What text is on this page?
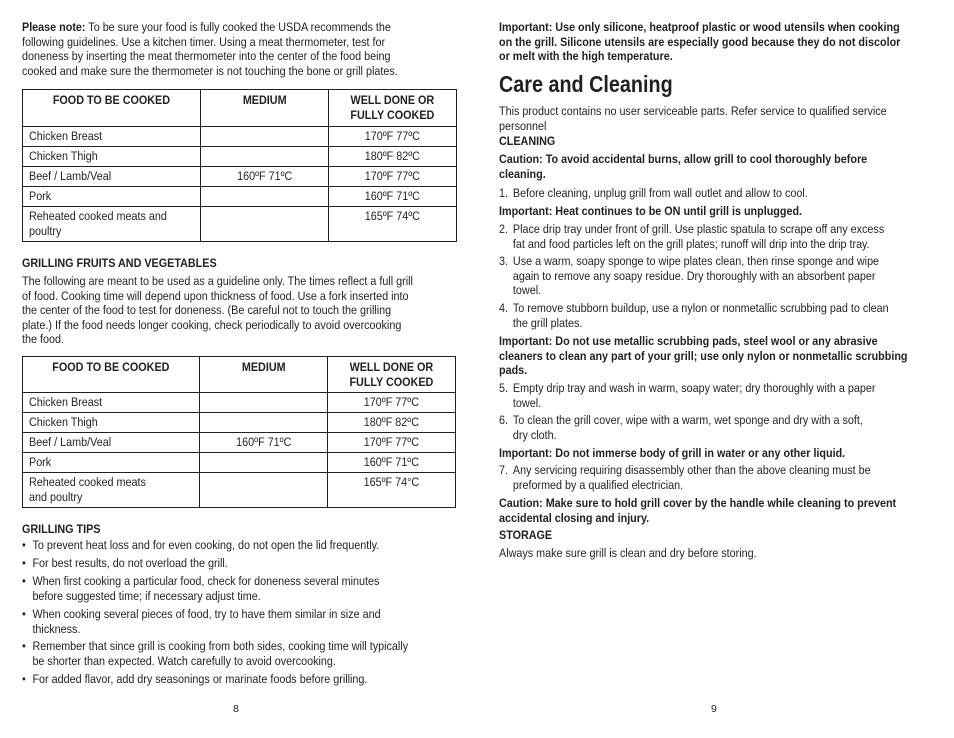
Please note: To be sure your food is fully cooked the USDA recommends the
following guidelines. Use a kitchen timer. Using a meat thermometer, test for
doneness by inserting the meat thermometer into the center of the food being
cooked and make sure the thermometer is not touching the bone or grill plates.
FOOD TO BE COOKED	MEDIUM	WELL DONE OR
FULLY COOKED

Chicken Breast		170ºF 77ºC

Chicken Thigh		180ºF 82ºC

Beef / Lamb/Veal	160ºF 71ºC	170ºF 77ºC

Pork		160ºF 71ºC

Reheated cooked meats and
poultry		165ºF 74ºC
GRILLING FRUITS AND VEGETABLES
The following are meant to be used as a guideline only. The times reflect a full grill
of food. Cooking time will depend upon thickness of food. Use a fork inserted into
the center of the food to test for doneness. (Be careful not to touch the grilling
plate.) If the food needs longer cooking, check periodically to avoid overcooking
the food.
FOOD TO BE COOKED	MEDIUM	WELL DONE OR
FULLY COOKED

Chicken Breast		170ºF 77ºC

Chicken Thigh		180ºF 82ºC

Beef / Lamb/Veal	160ºF 71ºC	170ºF 77ºC

Pork		160ºF 71ºC

Reheated cooked meats
and poultry		165ºF 74°C
GRILLING TIPS
• To prevent heat loss and for even cooking, do not open the lid frequently.
• For best results, do not overload the grill.
• When first cooking a particular food, check for doneness several minutes
before suggested time; if necessary adjust time.
• When cooking several pieces of food, try to have them similar in size and
thickness.
• Remember that since grill is cooking from both sides, cooking time will typically
be shorter than expected. Watch carefully to avoid overcooking.
• For added flavor, add dry seasonings or marinate foods before grilling.
8
Important: Use only silicone, heatproof plastic or wood utensils when cooking
on the grill. Silicone utensils are especially good because they do not discolor
or melt with the high temperature.
Care and Cleaning
This product contains no user serviceable parts. Refer service to qualified service
personnel
CLEANING
Caution: To avoid accidental burns, allow grill to cool thoroughly before
cleaning.
1. Before cleaning, unplug grill from wall outlet and allow to cool.
Important: Heat continues to be ON until grill is unplugged.
2. Place drip tray under front of grill. Use plastic spatula to scrape off any excess
fat and food particles left on the grill plates; runoff will drip into the drip tray.
3. Use a warm, soapy sponge to wipe plates clean, then rinse sponge and wipe
again to remove any soapy residue. Dry thoroughly with an absorbent paper
towel.
4. To remove stubborn buildup, use a nylon or nonmetallic scrubbing pad to clean
the grill plates.
Important: Do not use metallic scrubbing pads, steel wool or any abrasive
cleaners to clean any part of your grill; use only nylon or nonmetallic scrubbing
pads.
5. Empty drip tray and wash in warm, soapy water; dry thoroughly with a paper
towel.
6. To clean the grill cover, wipe with a warm, wet sponge and dry with a soft,
dry cloth.
Important: Do not immerse body of grill in water or any other liquid.
7. Any servicing requiring disassembly other than the above cleaning must be
preformed by a qualified electrician.
Caution: Make sure to hold grill cover by the handle while cleaning to prevent
accidental closing and injury.
STORAGE
Always make sure grill is clean and dry before storing.
9
